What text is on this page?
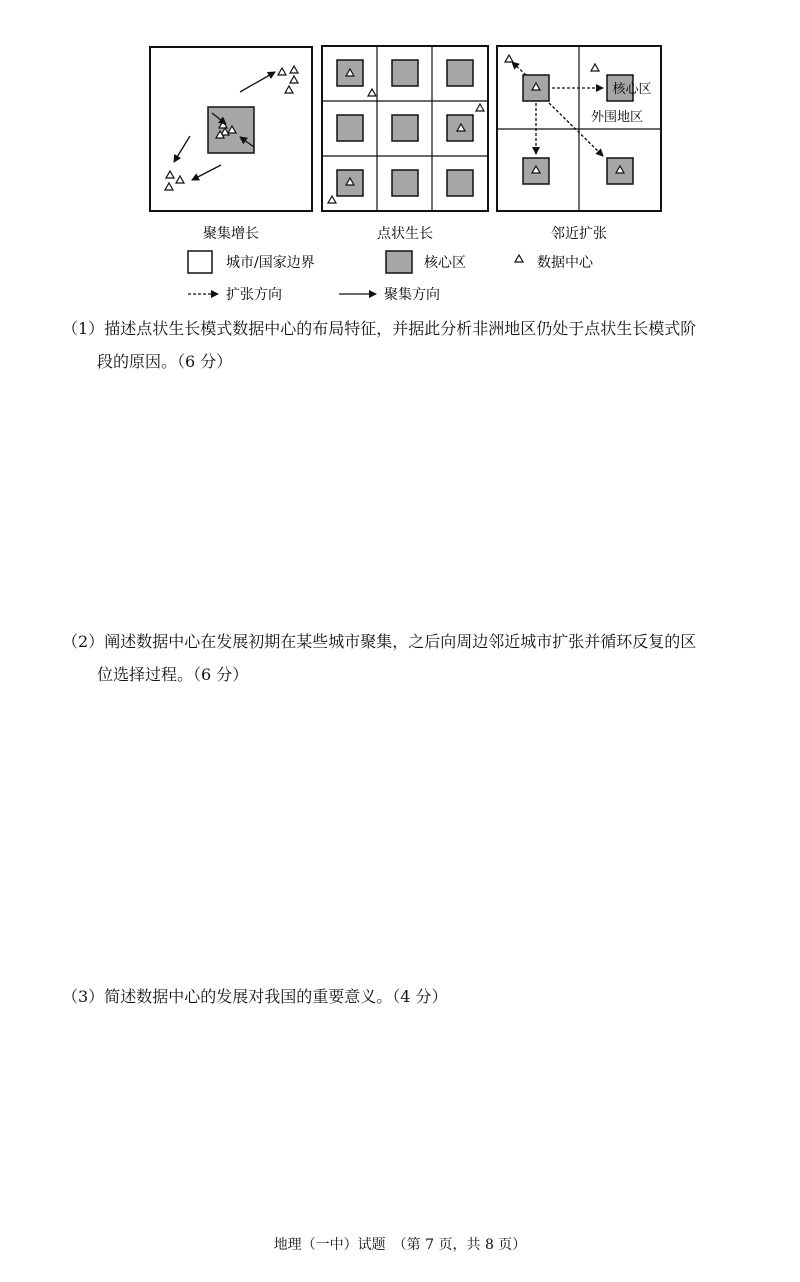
核心区
外围地区
聚集增长	点状生长	邻近扩张
城市/国家边界	核心区	数据中心
扩张方向	聚集方向

（1）描述点状生长模式数据中心的布局特征，并据此分析非洲地区仍处于点状生长模式阶
段的原因。（6 分）

（2）阐述数据中心在发展初期在某些城市聚集，之后向周边邻近城市扩张并循环反复的区
位选择过程。（6 分）

（3）简述数据中心的发展对我国的重要意义。（4 分）

地理（一中）试题　（第 7 页，共 8 页）
